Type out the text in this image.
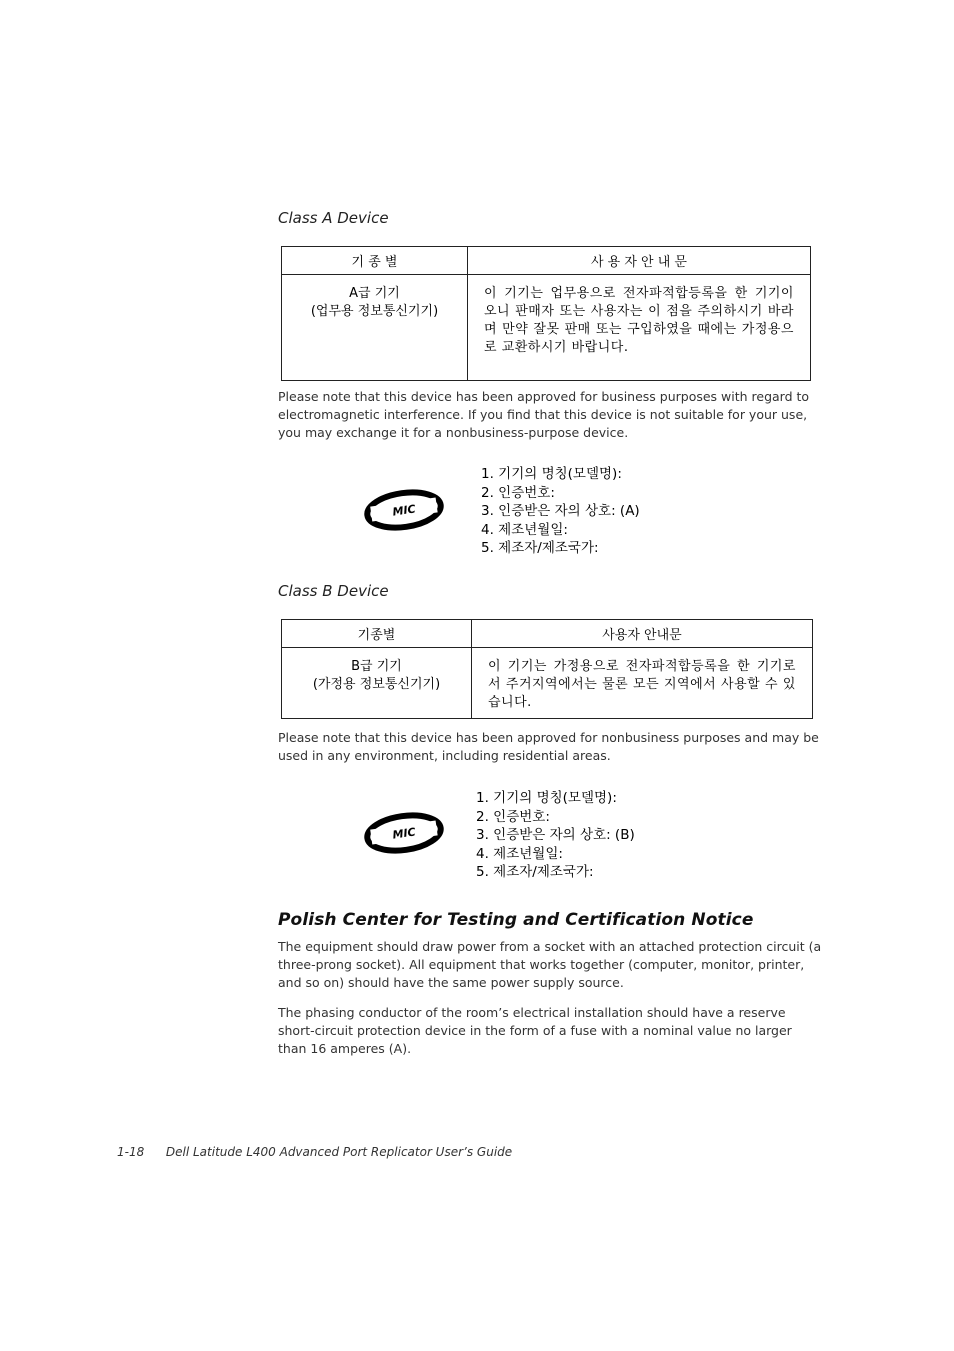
Class A Device
기 종 별	사 용 자 안 내 문

A급 기기
(업무용 정보통신기기)	이 기기는 업무용으로 전자파적합등록을 한 기기이오니 판매자 또는 사용자는 이 점을 주의하시기 바라며 만약 잘못 판매 또는 구입하였을 때에는 가정용으로 교환하시기 바랍니다.
Please note that this device has been approved for business purposes with regard to electromagnetic interference. If you find that this device is not suitable for your use, you may exchange it for a nonbusiness-purpose device.
MIC
1. 기기의 명칭(모델명):
2. 인증번호:
3. 인증받은 자의 상호: (A)
4. 제조년월일:
5. 제조자/제조국가:
Class B Device
기종별	사용자 안내문

B급 기기
(가정용 정보통신기기)	이 기기는 가정용으로 전자파적합등록을 한 기기로서 주거지역에서는 물론 모든 지역에서 사용할 수 있습니다.
Please note that this device has been approved for nonbusiness purposes and may be used in any environment, including residential areas.
MIC
1. 기기의 명칭(모델명):
2. 인증번호:
3. 인증받은 자의 상호: (B)
4. 제조년월일:
5. 제조자/제조국가:
Polish Center for Testing and Certification Notice
The equipment should draw power from a socket with an attached protection circuit (a three-prong socket). All equipment that works together (computer, monitor, printer, and so on) should have the same power supply source.
The phasing conductor of the room’s electrical installation should have a reserve short-circuit protection device in the form of a fuse with a nominal value no larger than 16 amperes (A).
1-18 Dell Latitude L400 Advanced Port Replicator User’s Guide
